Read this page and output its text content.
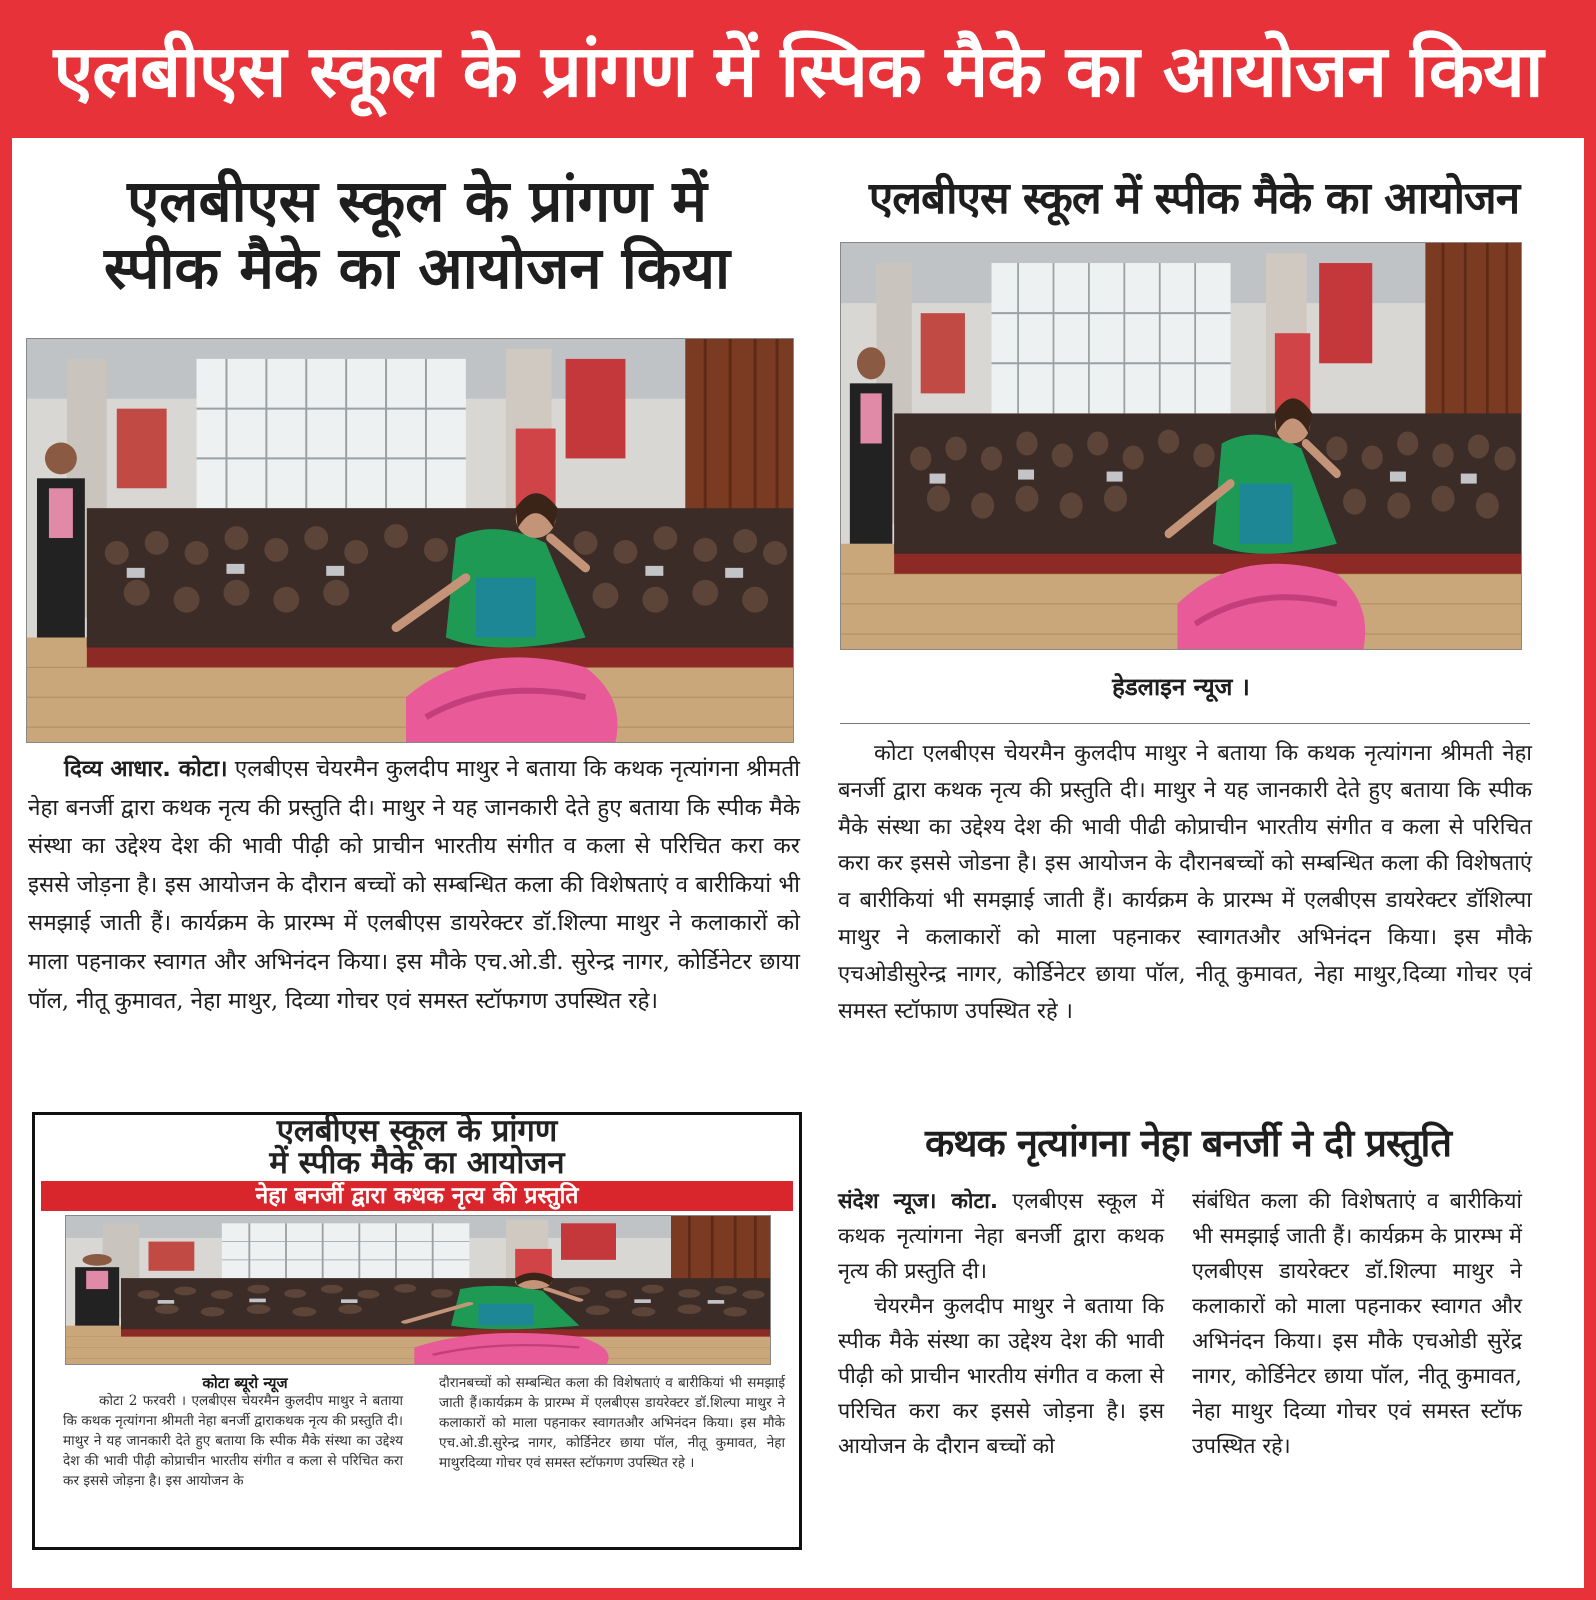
एलबीएस स्कूल के प्रांगण में स्पिक मैके का आयोजन किया
एलबीएस स्कूल के प्रांगण में
स्पीक मैके का आयोजन किया
दिव्य आधार. कोटा। एलबीएस चेयरमैन कुलदीप माथुर ने बताया कि कथक नृत्यांगना श्रीमती नेहा बनर्जी द्वारा कथक नृत्य की प्रस्तुति दी। माथुर ने यह जानकारी देते हुए बताया कि स्पीक मैके संस्था का उद्देश्य देश की भावी पीढ़ी को प्राचीन भारतीय संगीत व कला से परिचित करा कर इससे जोड़ना है। इस आयोजन के दौरान बच्चों को सम्बन्धित कला की विशेषताएं व बारीकियां भी समझाई जाती हैं। कार्यक्रम के प्रारम्भ में एलबीएस डायरेक्टर डॉ.शिल्पा माथुर ने कलाकारों को माला पहनाकर स्वागत और अभिनंदन किया। इस मौके एच.ओ.डी. सुरेन्द्र नागर, कोर्डिनेटर छाया पॉल, नीतू कुमावत, नेहा माथुर, दिव्या गोचर एवं समस्त स्टॉफगण उपस्थित रहे।
एलबीएस स्कूल में स्पीक मैके का आयोजन
हेडलाइन न्यूज ।
कोटा एलबीएस चेयरमैन कुलदीप माथुर ने बताया कि कथक नृत्यांगना श्रीमती नेहा बनर्जी द्वारा कथक नृत्य की प्रस्तुति दी। माथुर ने यह जानकारी देते हुए बताया कि स्पीक मैके संस्था का उद्देश्य देश की भावी पीढी कोप्राचीन भारतीय संगीत व कला से परिचित करा कर इससे जोडना है। इस आयोजन के दौरानबच्चों को सम्बन्धित कला की विशेषताएं व बारीकियां भी समझाई जाती हैं। कार्यक्रम के प्रारम्भ में एलबीएस डायरेक्टर डॉशिल्पा माथुर ने कलाकारों को माला पहनाकर स्वागतऔर अभिनंदन किया। इस मौके एचओडीसुरेन्द्र नागर, कोर्डिनेटर छाया पॉल, नीतू कुमावत, नेहा माथुर,दिव्या गोचर एवं समस्त स्टॉफाण उपस्थित रहे ।
एलबीएस स्कूल के प्रांगण
में स्पीक मैके का आयोजन
नेहा बनर्जी द्वारा कथक नृत्य की प्रस्तुति
कोटा ब्यूरो न्यूज
कोटा 2 फरवरी । एलबीएस चेयरमैन कुलदीप माथुर ने बताया कि कथक नृत्यांगना श्रीमती नेहा बनर्जी द्वाराकथक नृत्य की प्रस्तुति दी।माथुर ने यह जानकारी देते हुए बताया कि स्पीक मैके संस्था का उद्देश्य देश की भावी पीढ़ी कोप्राचीन भारतीय संगीत व कला से परिचित करा कर इससे जोड़ना है। इस आयोजन के
दौरानबच्चों को सम्बन्धित कला की विशेषताएं व बारीकियां भी समझाई जाती हैं।कार्यक्रम के प्रारम्भ में एलबीएस डायरेक्टर डॉ.शिल्पा माथुर ने कलाकारों को माला पहनाकर स्वागतऔर अभिनंदन किया। इस मौके एच.ओ.डी.सुरेन्द्र नागर, कोर्डिनेटर छाया पॉल, नीतू कुमावत, नेहा माथुरदिव्या गोचर एवं समस्त स्टॉफगण उपस्थित रहे ।
कथक नृत्यांगना नेहा बनर्जी ने दी प्रस्तुति
संदेश न्यूज। कोटा. एलबीएस स्कूल में कथक नृत्यांगना नेहा बनर्जी द्वारा कथक नृत्य की प्रस्तुति दी।
चेयरमैन कुलदीप माथुर ने बताया कि स्पीक मैके संस्था का उद्देश्य देश की भावी पीढ़ी को प्राचीन भारतीय संगीत व कला से परिचित करा कर इससे जोड़ना है। इस आयोजन के दौरान बच्चों को
संबंधित कला की विशेषताएं व बारीकियां भी समझाई जाती हैं। कार्यक्रम के प्रारम्भ में एलबीएस डायरेक्टर डॉ.शिल्पा माथुर ने कलाकारों को माला पहनाकर स्वागत और अभिनंदन किया। इस मौके एचओडी सुरेंद्र नागर, कोर्डिनेटर छाया पॉल, नीतू कुमावत, नेहा माथुर दिव्या गोचर एवं समस्त स्टॉफ उपस्थित रहे।
